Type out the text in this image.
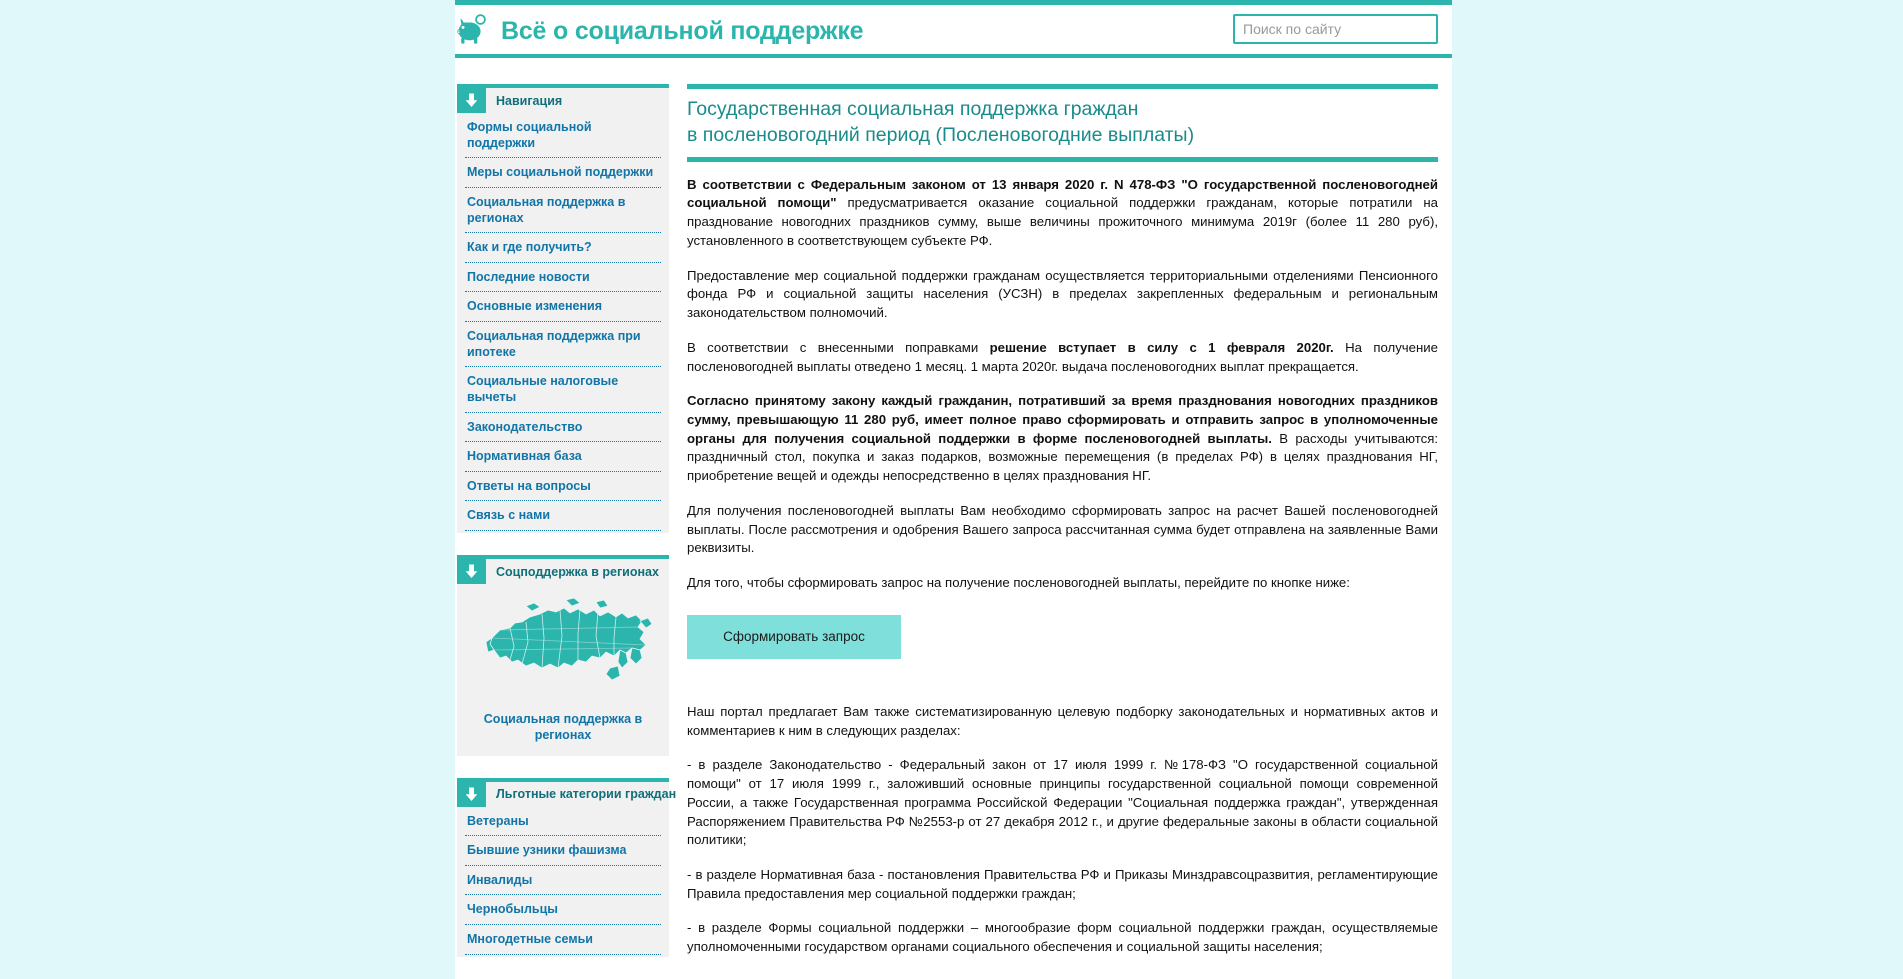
Всё о социальной поддержке
Поиск по сайту
Навигация
Формы социальной поддержки
Меры социальной поддержки
Социальная поддержка в регионах
Как и где получить?
Последние новости
Основные изменения
Социальная поддержка при ипотеке
Социальные налоговые вычеты
Законодательство
Нормативная база
Ответы на вопросы
Связь с нами
Соцподдержка в регионах
Социальная поддержка в регионах
Льготные категории граждан
Ветераны
Бывшие узники фашизма
Инвалиды
Чернобыльцы
Многодетные семьи
Государственная социальная поддержка граждан
в посленовогодний период (Посленовогодние выплаты)

В соответствии с Федеральным законом от 13 января 2020 г. N 478-ФЗ "О государственной посленовогодней социальной помощи" предусматривается оказание социальной поддержки гражданам, которые потратили на празднование новогодних праздников сумму, выше величины прожиточного минимума 2019г (более 11 280 руб), установленного в соответствующем субъекте РФ.

Предоставление мер социальной поддержки гражданам осуществляется территориальными отделениями Пенсионного фонда РФ и социальной защиты населения (УСЗН) в пределах закрепленных федеральным и региональным законодательством полномочий.

В соответствии с внесенными поправками решение вступает в силу с 1 февраля 2020г. На получение посленовогодней выплаты отведено 1 месяц. 1 марта 2020г. выдача посленовогодних выплат прекращается.

Согласно принятому закону каждый гражданин, потративший за время празднования новогодних праздников сумму, превышающую 11 280 руб, имеет полное право сформировать и отправить запрос в уполномоченные органы для получения социальной поддержки в форме посленовогодней выплаты. В расходы учитываются: праздничный стол, покупка и заказ подарков, возможные перемещения (в пределах РФ) в целях празднования НГ, приобретение вещей и одежды непосредственно в целях празднования НГ.

Для получения посленовогодней выплаты Вам необходимо сформировать запрос на расчет Вашей посленовогодней выплаты. После рассмотрения и одобрения Вашего запроса рассчитанная сумма будет отправлена на заявленные Вами реквизиты.

Для того, чтобы сформировать запрос на получение посленовогодней выплаты, перейдите по кнопке ниже:

Сформировать запрос

Наш портал предлагает Вам также систематизированную целевую подборку законодательных и нормативных актов и комментариев к ним в следующих разделах:

- в разделе Законодательство - Федеральный закон от 17 июля 1999 г. №178-ФЗ "О государственной социальной помощи" от 17 июля 1999 г., заложивший основные принципы государственной социальной помощи современной России, а также Государственная программа Российской Федерации "Социальная поддержка граждан", утвержденная Распоряжением Правительства РФ №2553-р от 27 декабря 2012 г., и другие федеральные законы в области социальной политики;

- в разделе Нормативная база - постановления Правительства РФ и Приказы Минздравсоцразвития, регламентирующие Правила предоставления мер социальной поддержки граждан;

- в разделе Формы социальной поддержки – многообразие форм социальной поддержки граждан, осуществляемые уполномоченными государством органами социального обеспечения и социальной защиты населения;
